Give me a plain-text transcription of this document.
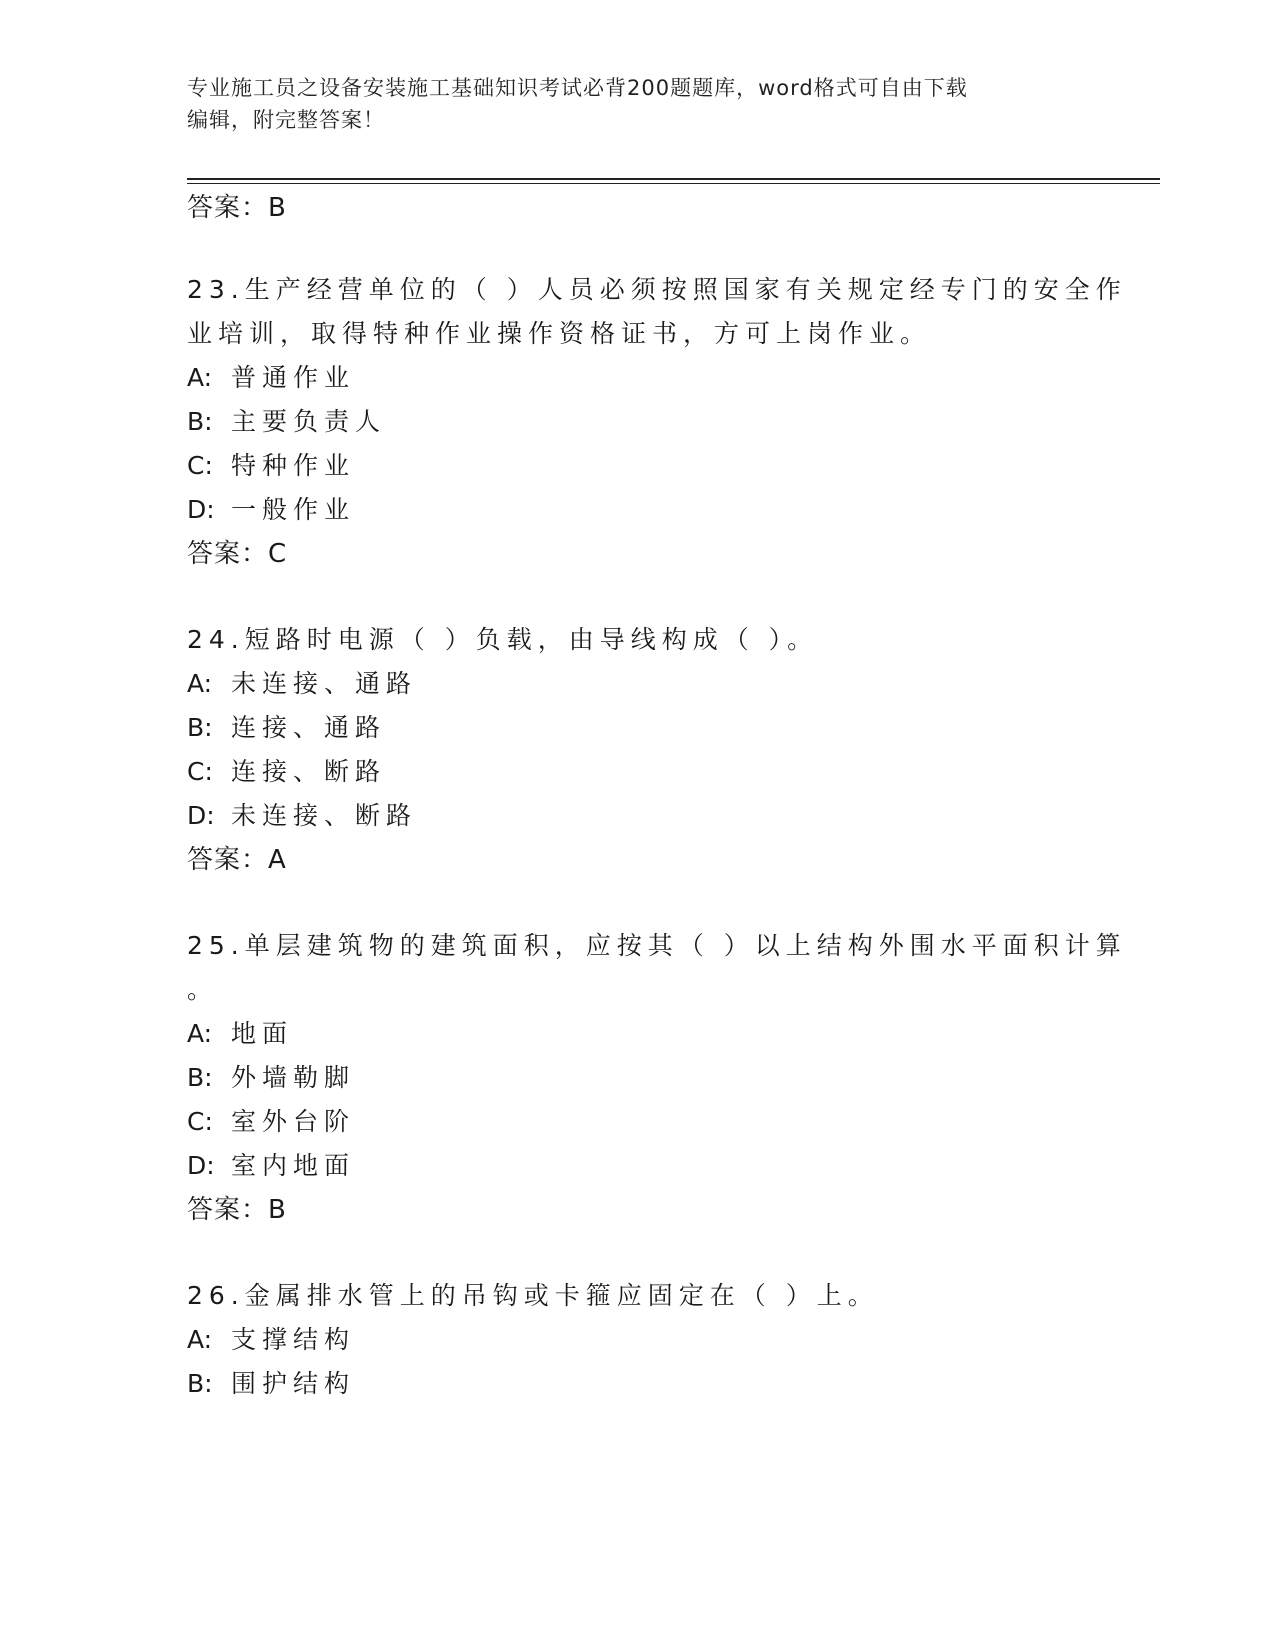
专业施工员之设备安装施工基础知识考试必背200题题库，word格式可自由下载
编辑，附完整答案！
答案：B
23.生产经营单位的（ ）人员必须按照国家有关规定经专门的安全作
业培训，取得特种作业操作资格证书，方可上岗作业。
A: 普通作业
B: 主要负责人
C: 特种作业
D: 一般作业
答案：C
24.短路时电源（ ）负载，由导线构成（ ）。
A: 未连接、通路
B: 连接、通路
C: 连接、断路
D: 未连接、断路
答案：A
25.单层建筑物的建筑面积，应按其（ ）以上结构外围水平面积计算
。
A: 地面
B: 外墙勒脚
C: 室外台阶
D: 室内地面
答案：B
26.金属排水管上的吊钩或卡箍应固定在（ ）上。
A: 支撑结构
B: 围护结构
